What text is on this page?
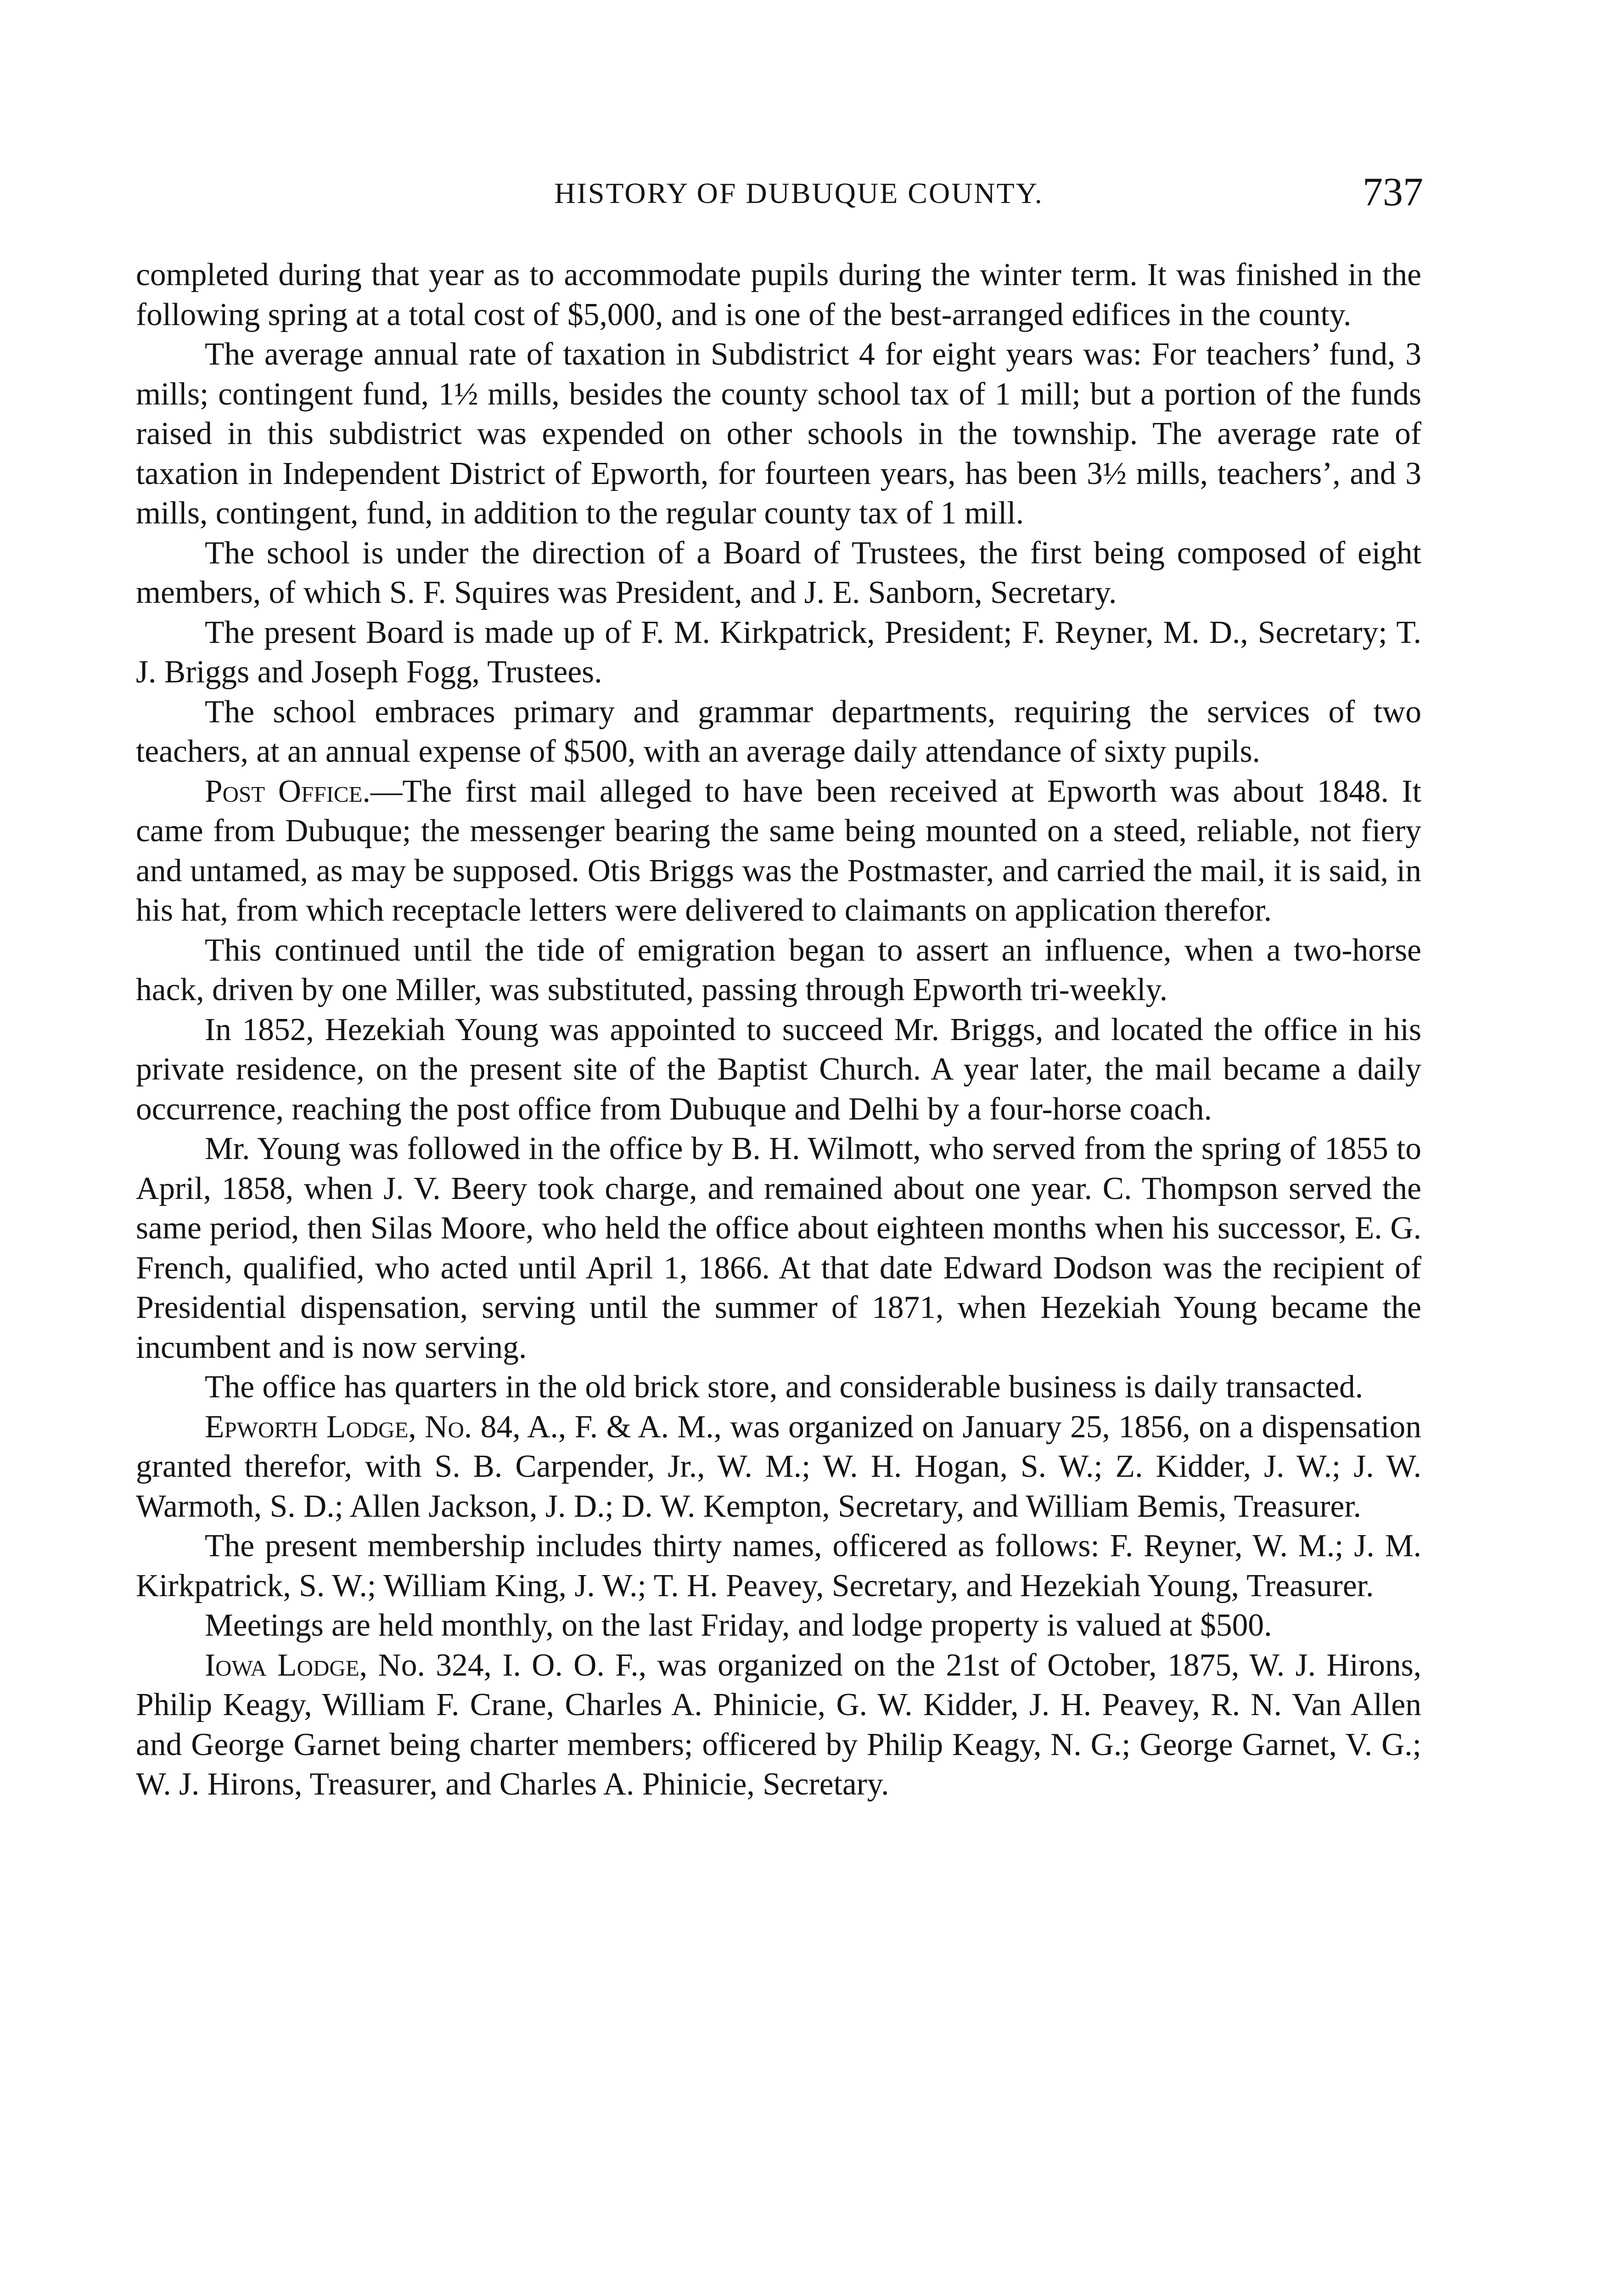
HISTORY OF DUBUQUE COUNTY.	737

completed during that year as to accommodate pupils during the winter term. It was finished in the following spring at a total cost of $5,000, and is one of the best-arranged edifices in the county.

The average annual rate of taxation in Subdistrict 4 for eight years was: For teachers’ fund, 3 mills; contingent fund, 1½ mills, besides the county school tax of 1 mill; but a portion of the funds raised in this subdistrict was expended on other schools in the township. The average rate of taxation in Independent District of Epworth, for fourteen years, has been 3½ mills, teachers’, and 3 mills, contingent, fund, in addition to the regular county tax of 1 mill.

The school is under the direction of a Board of Trustees, the first being composed of eight members, of which S. F. Squires was President, and J. E. Sanborn, Secretary.

The present Board is made up of F. M. Kirkpatrick, President; F. Reyner, M. D., Secretary; T. J. Briggs and Joseph Fogg, Trustees.

The school embraces primary and grammar departments, requiring the services of two teachers, at an annual expense of $500, with an average daily attendance of sixty pupils.

Post Office.—The first mail alleged to have been received at Epworth was about 1848. It came from Dubuque; the messenger bearing the same being mounted on a steed, reliable, not fiery and untamed, as may be supposed. Otis Briggs was the Postmaster, and carried the mail, it is said, in his hat, from which receptacle letters were delivered to claimants on application therefor.

This continued until the tide of emigration began to assert an influence, when a two-horse hack, driven by one Miller, was substituted, passing through Epworth tri-weekly.

In 1852, Hezekiah Young was appointed to succeed Mr. Briggs, and located the office in his private residence, on the present site of the Baptist Church. A year later, the mail became a daily occurrence, reaching the post office from Dubuque and Delhi by a four-horse coach.

Mr. Young was followed in the office by B. H. Wilmott, who served from the spring of 1855 to April, 1858, when J. V. Beery took charge, and remained about one year. C. Thompson served the same period, then Silas Moore, who held the office about eighteen months when his successor, E. G. French, qualified, who acted until April 1, 1866. At that date Edward Dodson was the recipient of Presidential dispensation, serving until the summer of 1871, when Hezekiah Young became the incumbent and is now serving.

The office has quarters in the old brick store, and considerable business is daily transacted.

Epworth Lodge, No. 84, A., F. & A. M., was organized on January 25, 1856, on a dispensation granted therefor, with S. B. Carpender, Jr., W. M.; W. H. Hogan, S. W.; Z. Kidder, J. W.; J. W. Warmoth, S. D.; Allen Jackson, J. D.; D. W. Kempton, Secretary, and William Bemis, Treasurer.

The present membership includes thirty names, officered as follows: F. Reyner, W. M.; J. M. Kirkpatrick, S. W.; William King, J. W.; T. H. Peavey, Secretary, and Hezekiah Young, Treasurer.

Meetings are held monthly, on the last Friday, and lodge property is valued at $500.

Iowa Lodge, No. 324, I. O. O. F., was organized on the 21st of October, 1875, W. J. Hirons, Philip Keagy, William F. Crane, Charles A. Phinicie, G. W. Kidder, J. H. Peavey, R. N. Van Allen and George Garnet being charter members; officered by Philip Keagy, N. G.; George Garnet, V. G.; W. J. Hirons, Treasurer, and Charles A. Phinicie, Secretary.
